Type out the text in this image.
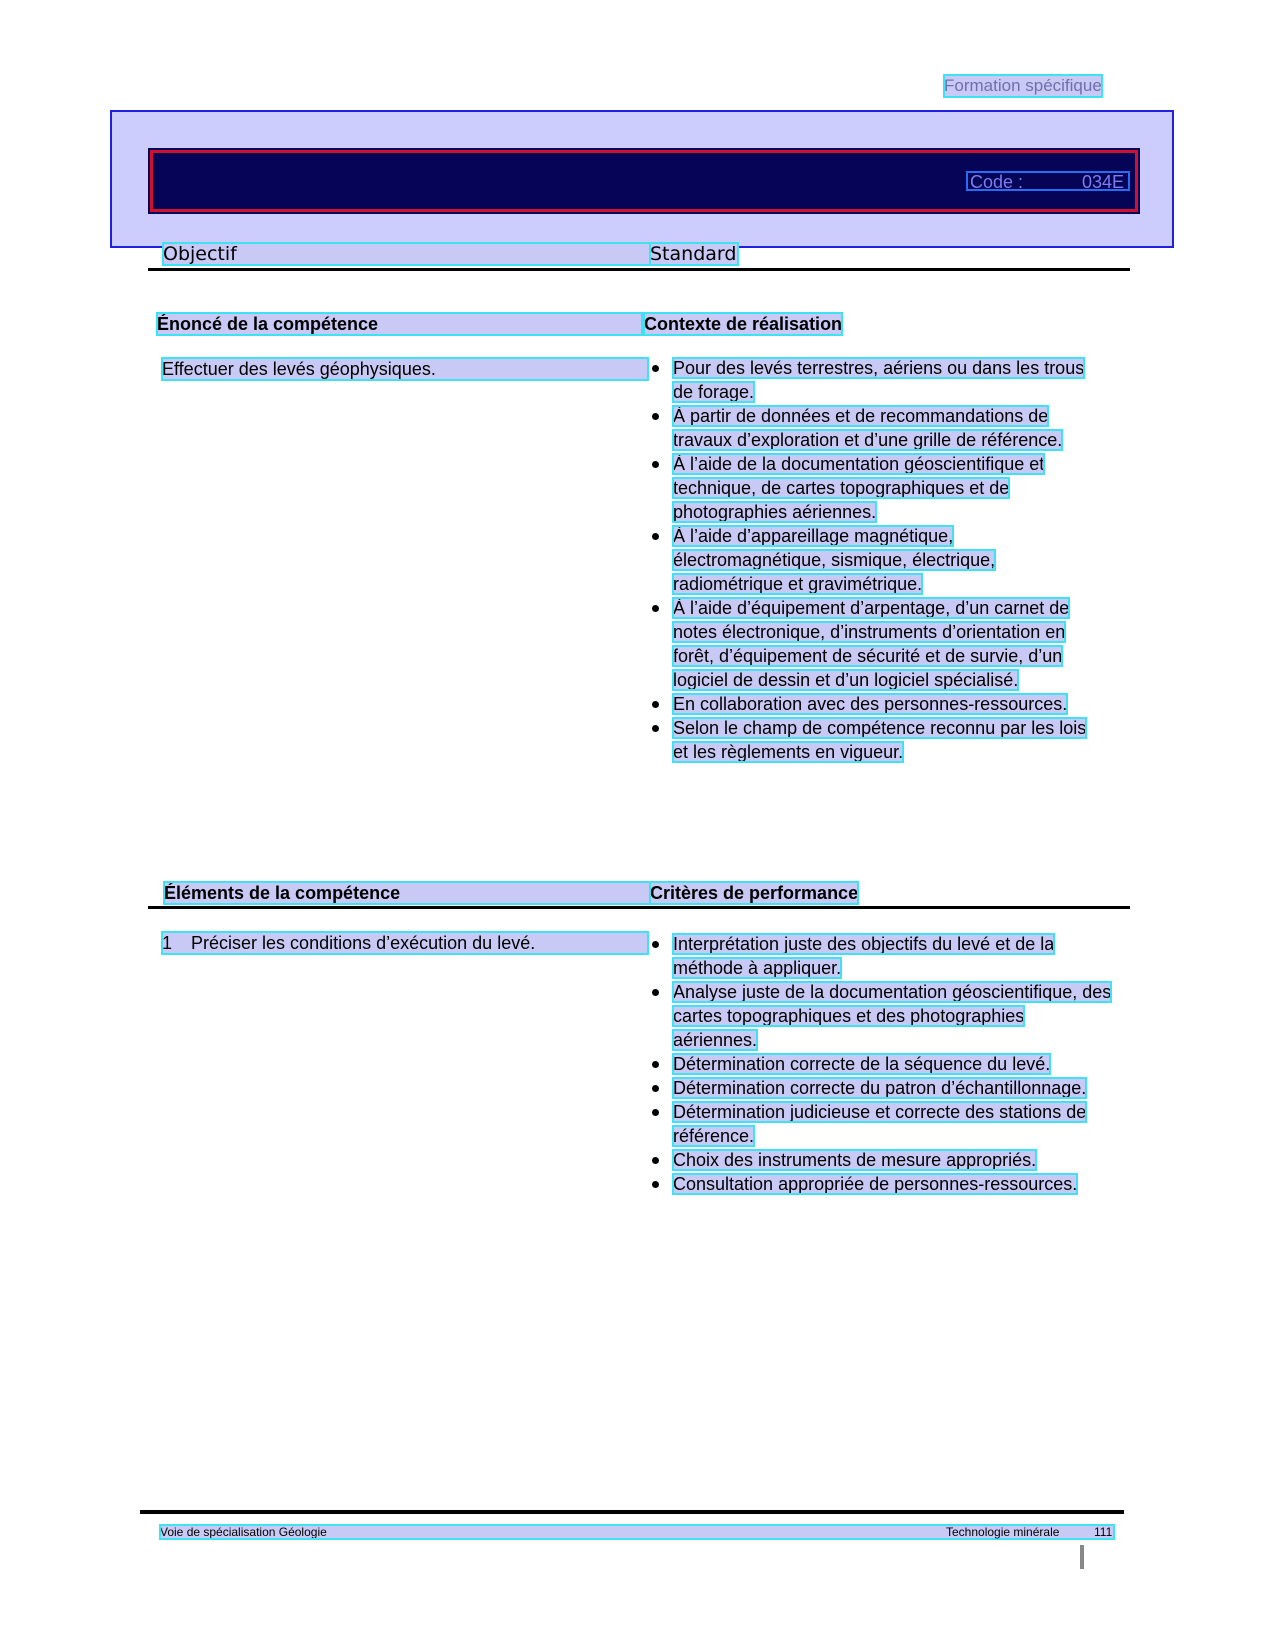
Formation spécifique
Code :	034E
Objectif	Standard
Énoncé de la compétence	Contexte de réalisation
Effectuer des levés géophysiques.	Pour des levés terrestres, aériens ou dans les trous de forage.
À partir de données et de recommandations de travaux d’exploration et d’une grille de référence.
À l’aide de la documentation géoscientifique et technique, de cartes topographiques et de photographies aériennes.
À l’aide d’appareillage magnétique, électromagnétique, sismique, électrique, radiométrique et gravimétrique.
À l’aide d’équipement d’arpentage, d’un carnet de notes électronique, d’instruments d’orientation en forêt, d’équipement de sécurité et de survie, d’un logiciel de dessin et d’un logiciel spécialisé.
En collaboration avec des personnes-ressources.
Selon le champ de compétence reconnu par les lois et les règlements en vigueur.
Éléments de la compétence	Critères de performance
1 Préciser les conditions d’exécution du levé.	Interprétation juste des objectifs du levé et de la méthode à appliquer.
Analyse juste de la documentation géoscientifique, des cartes topographiques et des photographies aériennes.
Détermination correcte de la séquence du levé.
Détermination correcte du patron d’échantillonnage.
Détermination judicieuse et correcte des stations de référence.
Choix des instruments de mesure appropriés.
Consultation appropriée de personnes-ressources.
Voie de spécialisation Géologie	Technologie minérale	111
